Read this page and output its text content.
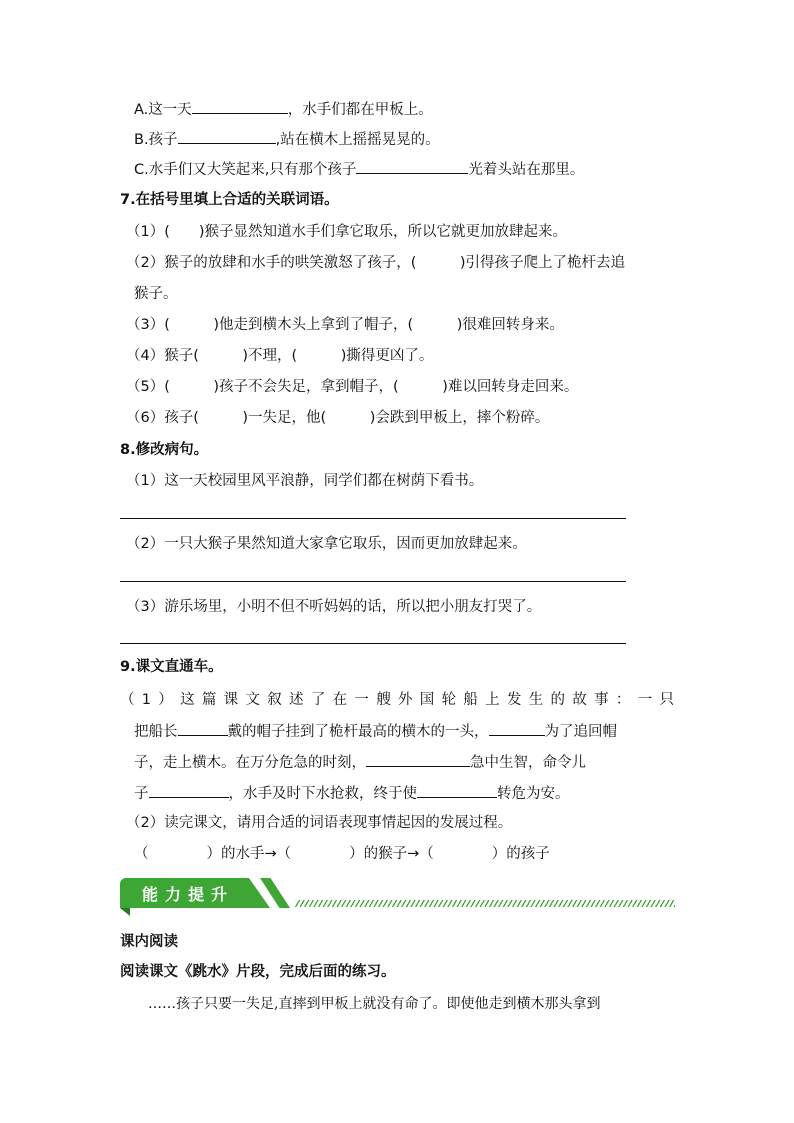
A.这一天	，水手们都在甲板上。
B.孩子	,站在横木上摇摇晃晃的。
C.水手们又大笑起来,只有那个孩子	光着头站在那里。
7.在括号里填上合适的关联词语。
（1）(　　)猴子显然知道水手们拿它取乐，所以它就更加放肆起来。
（2）猴子的放肆和水手的哄笑激怒了孩子，(　　　)引得孩子爬上了桅杆去追
猴子。
（3）(　　　)他走到横木头上拿到了帽子，(　　　)很难回转身来。
（4）猴子(　　　)不理，(　　　)撕得更凶了。
（5）(　　　)孩子不会失足，拿到帽子，(　　　)难以回转身走回来。
（6）孩子(　　　)一失足，他(　　　)会跌到甲板上，摔个粉碎。
8.修改病句。
（1）这一天校园里风平浪静，同学们都在树荫下看书。
（2）一只大猴子果然知道大家拿它取乐，因而更加放肆起来。
（3）游乐场里，小明不但不听妈妈的话，所以把小朋友打哭了。
9.课文直通车。
（1）这篇课文叙述了在一艘外国轮船上发生的故事：一只
把船长	戴的帽子挂到了桅杆最高的横木的一头，	为了追回帽
子，走上横木。在万分危急的时刻，	急中生智，命令儿
子	，水手及时下水抢救，终于使	转危为安。
（2）读完课文，请用合适的词语表现事情起因的发展过程。
（　　　　）的水手→（　　　　）的猴子→（　　　　）的孩子
能力提升
课内阅读
阅读课文《跳水》片段，完成后面的练习。
……孩子只要一失足,直摔到甲板上就没有命了。即使他走到横木那头拿到
